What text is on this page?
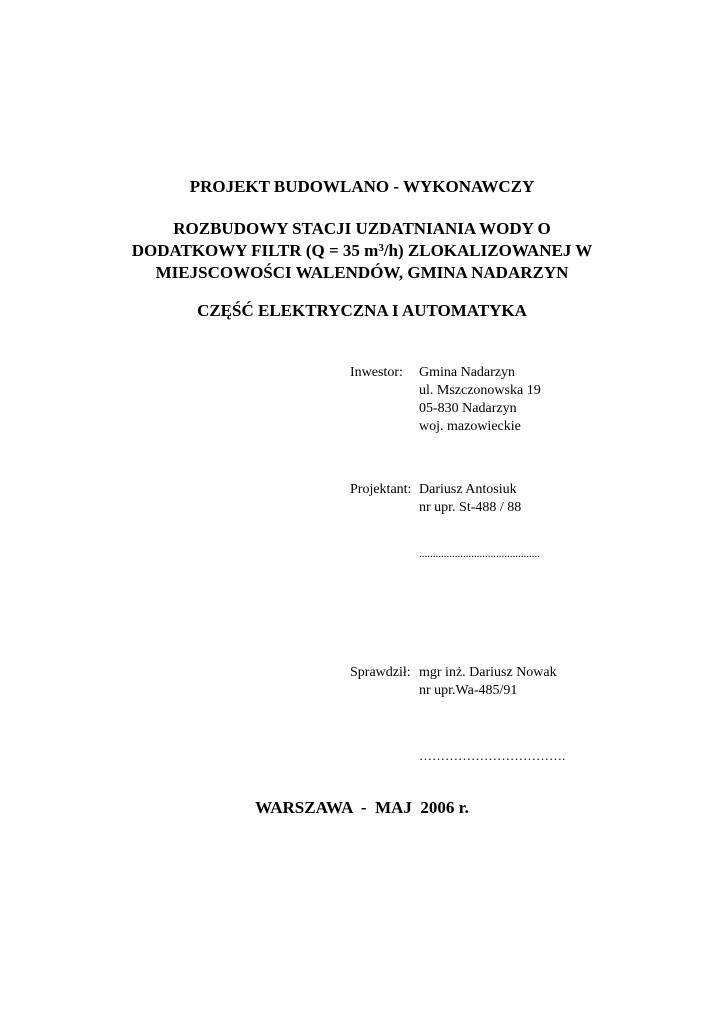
PROJEKT BUDOWLANO - WYKONAWCZY
ROZBUDOWY STACJI UZDATNIANIA WODY O
DODATKOWY FILTR (Q = 35 $m^3/h$) ZLOKALIZOWANEJ W
MIEJSCOWOŚCI WALENDÓW, GMINA NADARZYN
CZĘŚĆ ELEKTRYCZNA I AUTOMATYKA
Inwestor: Gmina Nadarzyn
ul. Mszczonowska 19
05-830 Nadarzyn
woj. mazowieckie
Projektant: Dariusz Antosiuk
nr upr. St-488 / 88
............................................
Sprawdził: mgr inż. Dariusz Nowak
nr upr.Wa-485/91
…………………………….
WARSZAWA  -  MAJ  2006 r.
